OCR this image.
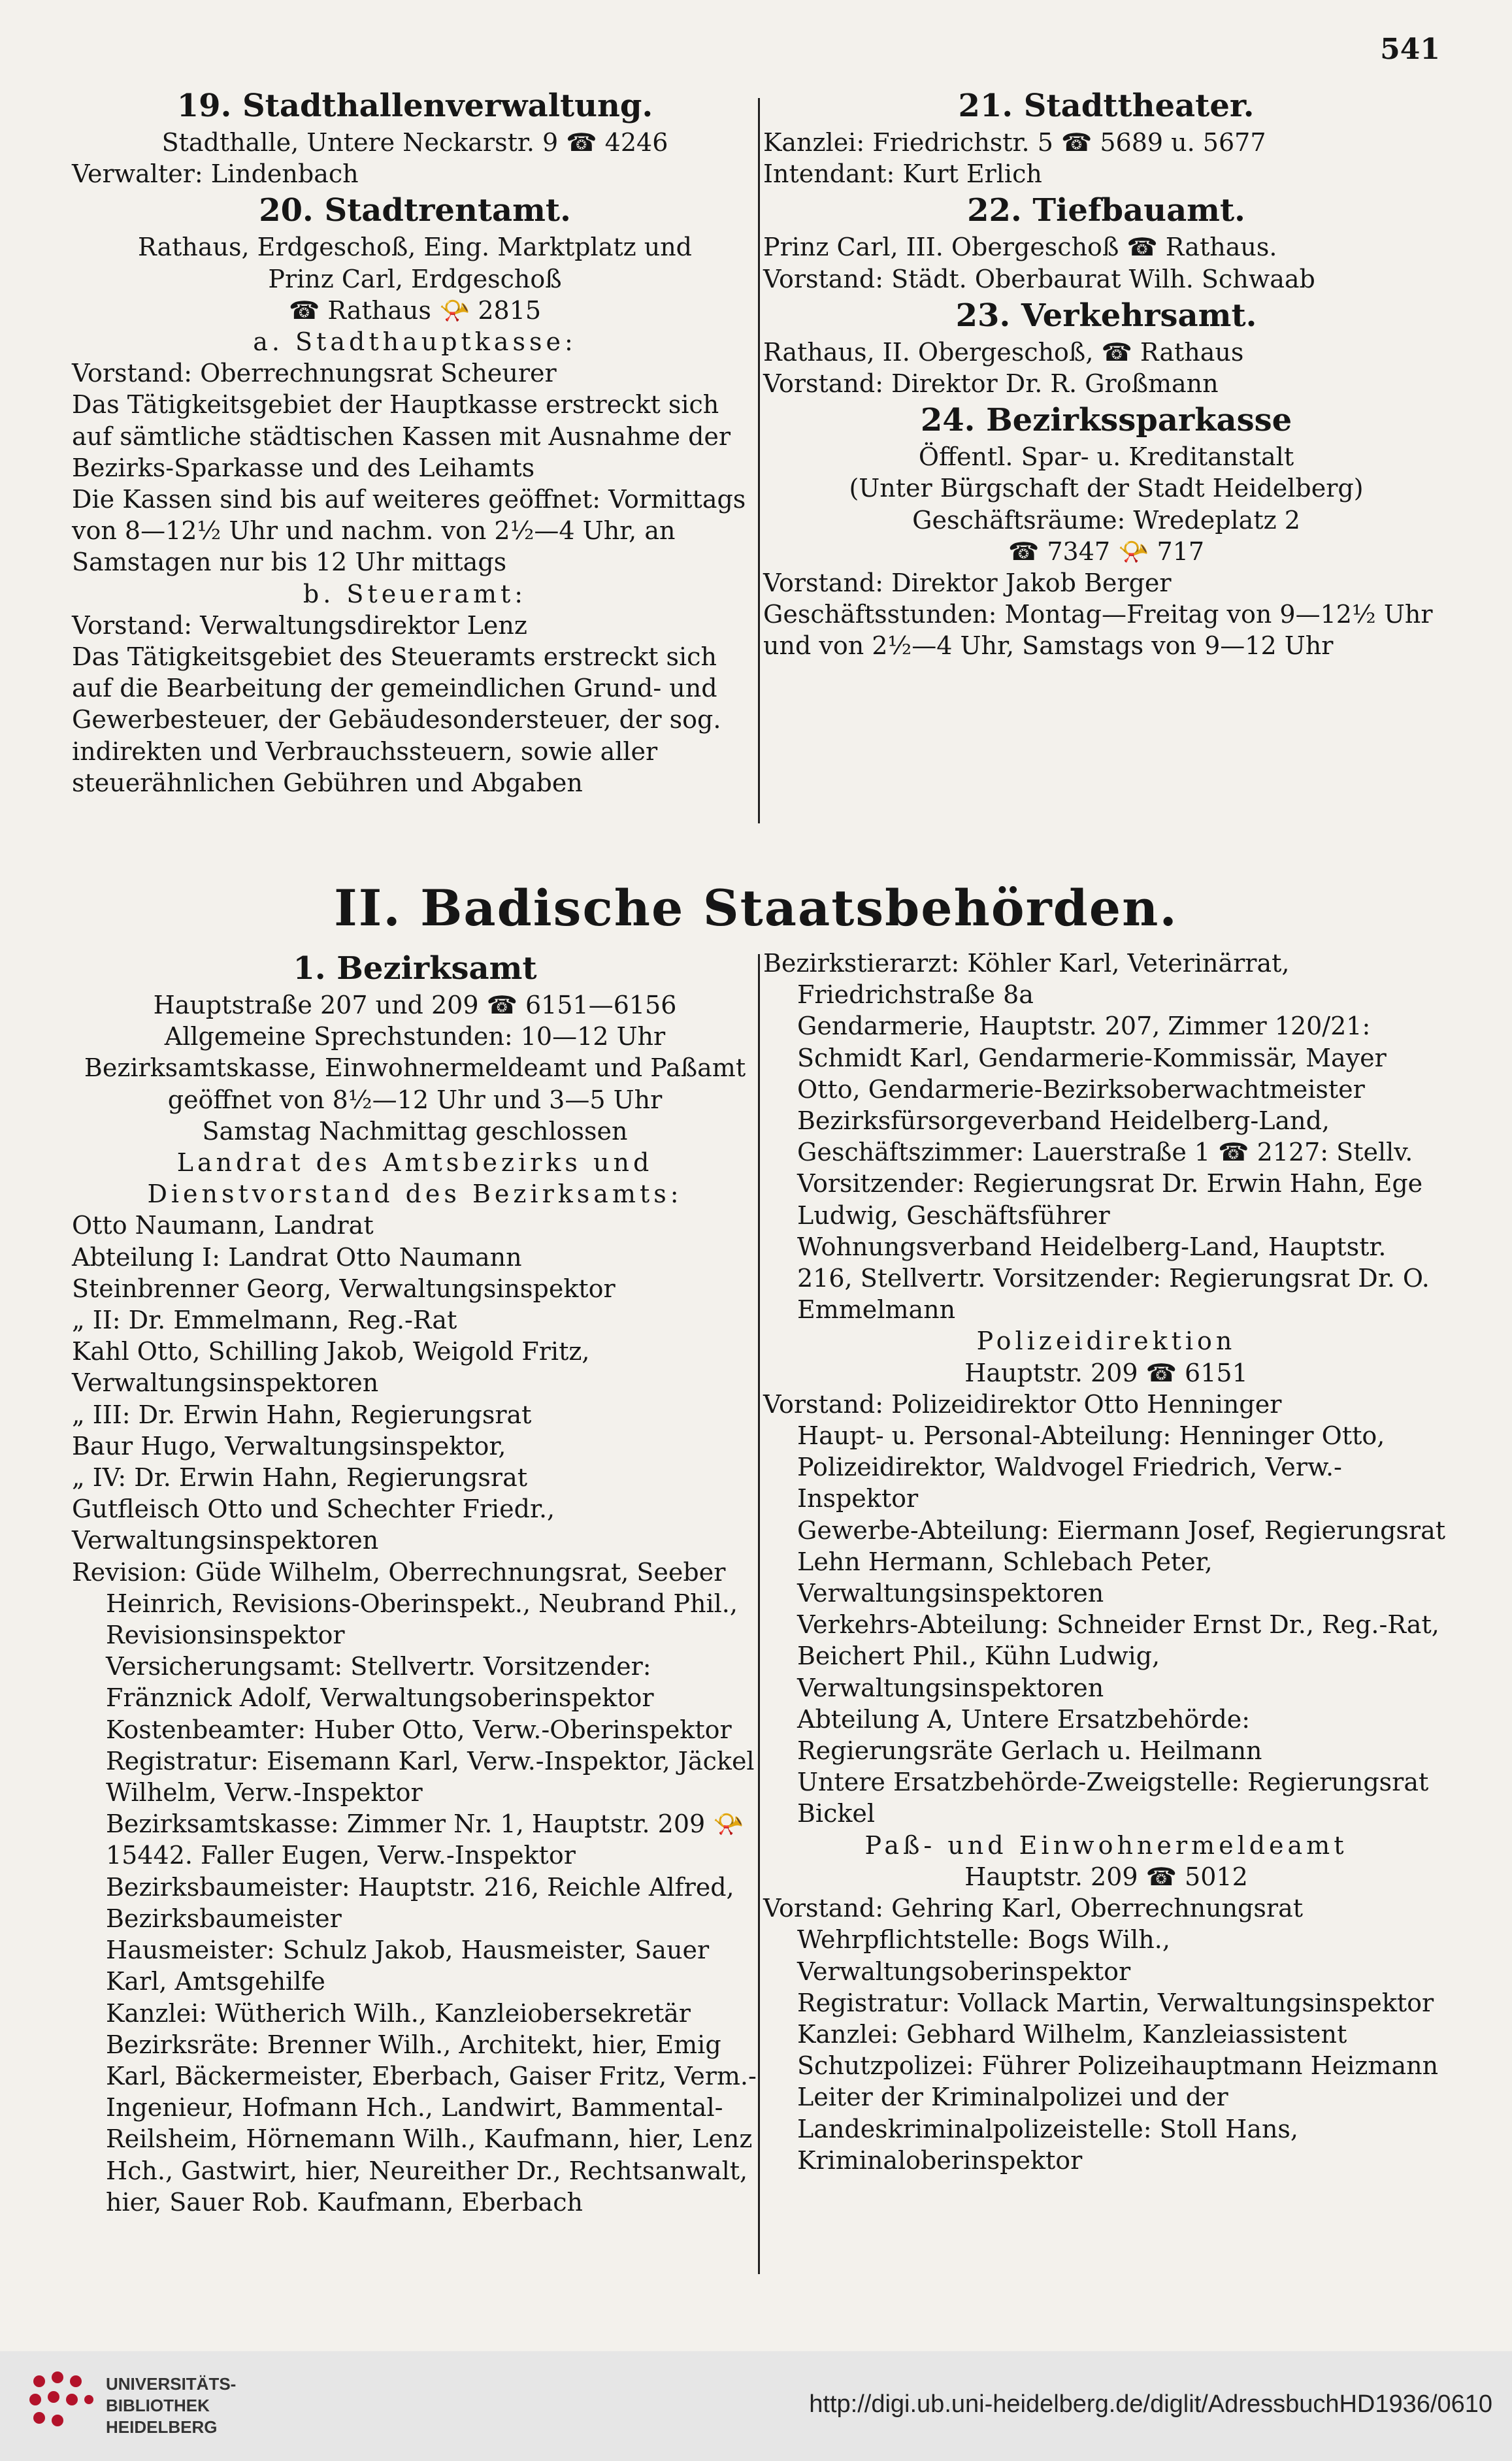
541

19. Stadthallenverwaltung.

Stadthalle, Untere Neckarstr. 9 ☎ 4246

Verwalter: Lindenbach

20. Stadtrentamt.

Rathaus, Erdgeschoß, Eing. Marktplatz und
Prinz Carl, Erdgeschoß
☎ Rathaus 📯 2815

a. Stadthauptkasse:

Vorstand: Oberrechnungsrat Scheurer
Das Tätigkeitsgebiet der Hauptkasse erstreckt sich auf sämtliche städtischen Kassen mit Ausnahme der Bezirks-Sparkasse und des Leihamts
Die Kassen sind bis auf weiteres geöffnet: Vormittags von 8—12½ Uhr und nachm. von 2½—4 Uhr, an Samstagen nur bis 12 Uhr mittags

b. Steueramt:

Vorstand: Verwaltungsdirektor Lenz
Das Tätigkeitsgebiet des Steueramts erstreckt sich auf die Bearbeitung der gemeindlichen Grund- und Gewerbesteuer, der Gebäudesondersteuer, der sog. indirekten und Verbrauchssteuern, sowie aller steuerähnlichen Gebühren und Abgaben

21. Stadttheater.

Kanzlei: Friedrichstr. 5 ☎ 5689 u. 5677
Intendant: Kurt Erlich

22. Tiefbauamt.

Prinz Carl, III. Obergeschoß ☎ Rathaus.
Vorstand: Städt. Oberbaurat Wilh. Schwaab

23. Verkehrsamt.

Rathaus, II. Obergeschoß, ☎ Rathaus
Vorstand: Direktor Dr. R. Großmann

24. Bezirkssparkasse

Öffentl. Spar- u. Kreditanstalt
(Unter Bürgschaft der Stadt Heidelberg)
Geschäftsräume: Wredeplatz 2
☎ 7347 📯 717

Vorstand: Direktor Jakob Berger
Geschäftsstunden: Montag—Freitag von 9—12½ Uhr und von 2½—4 Uhr, Samstags von 9—12 Uhr

II. Badische Staatsbehörden.

1. Bezirksamt

Hauptstraße 207 und 209 ☎ 6151—6156
Allgemeine Sprechstunden: 10—12 Uhr
Bezirksamtskasse, Einwohnermeldeamt und Paßamt geöffnet von 8½—12 Uhr und 3—5 Uhr
Samstag Nachmittag geschlossen

Landrat des Amtsbezirks und Dienstvorstand des Bezirksamts:

Otto Naumann, Landrat
Abteilung I: Landrat Otto Naumann
Steinbrenner Georg, Verwaltungsinspektor
„ II: Dr. Emmelmann, Reg.-Rat
Kahl Otto, Schilling Jakob, Weigold Fritz, Verwaltungsinspektoren
„ III: Dr. Erwin Hahn, Regierungsrat
Baur Hugo, Verwaltungsinspektor,
„ IV: Dr. Erwin Hahn, Regierungsrat
Gutfleisch Otto und Schechter Friedr., Verwaltungsinspektoren

Revision: Güde Wilhelm, Oberrechnungsrat, Seeber Heinrich, Revisions-Oberinspekt., Neubrand Phil., Revisionsinspektor
Versicherungsamt: Stellvertr. Vorsitzender: Fränznick Adolf, Verwaltungsoberinspektor
Kostenbeamter: Huber Otto, Verw.-Oberinspektor
Registratur: Eisemann Karl, Verw.-Inspektor, Jäckel Wilhelm, Verw.-Inspektor
Bezirksamtskasse: Zimmer Nr. 1, Hauptstr. 209 📯 15442. Faller Eugen, Verw.-Inspektor
Bezirksbaumeister: Hauptstr. 216, Reichle Alfred, Bezirksbaumeister
Hausmeister: Schulz Jakob, Hausmeister, Sauer Karl, Amtsgehilfe
Kanzlei: Wütherich Wilh., Kanzleiobersekretär
Bezirksräte: Brenner Wilh., Architekt, hier, Emig Karl, Bäckermeister, Eberbach, Gaiser Fritz, Verm.-Ingenieur, Hofmann Hch., Landwirt, Bammental-Reilsheim, Hörnemann Wilh., Kaufmann, hier, Lenz Hch., Gastwirt, hier, Neureither Dr., Rechtsanwalt, hier, Sauer Rob. Kaufmann, Eberbach

Bezirkstierarzt: Köhler Karl, Veterinärrat, Friedrichstraße 8a
Gendarmerie, Hauptstr. 207, Zimmer 120/21: Schmidt Karl, Gendarmerie-Kommissär, Mayer Otto, Gendarmerie-Bezirksoberwachtmeister
Bezirksfürsorgeverband Heidelberg-Land, Geschäftszimmer: Lauerstraße 1 ☎ 2127: Stellv. Vorsitzender: Regierungsrat Dr. Erwin Hahn, Ege Ludwig, Geschäftsführer
Wohnungsverband Heidelberg-Land, Hauptstr. 216, Stellvertr. Vorsitzender: Regierungsrat Dr. O. Emmelmann

Polizeidirektion

Hauptstr. 209 ☎ 6151

Vorstand: Polizeidirektor Otto Henninger
Haupt- u. Personal-Abteilung: Henninger Otto, Polizeidirektor, Waldvogel Friedrich, Verw.-Inspektor
Gewerbe-Abteilung: Eiermann Josef, Regierungsrat Lehn Hermann, Schlebach Peter, Verwaltungsinspektoren
Verkehrs-Abteilung: Schneider Ernst Dr., Reg.-Rat, Beichert Phil., Kühn Ludwig, Verwaltungsinspektoren
Abteilung A, Untere Ersatzbehörde: Regierungsräte Gerlach u. Heilmann
Untere Ersatzbehörde-Zweigstelle: Regierungsrat Bickel

Paß- und Einwohnermeldeamt

Hauptstr. 209 ☎ 5012

Vorstand: Gehring Karl, Oberrechnungsrat
Wehrpflichtstelle: Bogs Wilh., Verwaltungsoberinspektor
Registratur: Vollack Martin, Verwaltungsinspektor
Kanzlei: Gebhard Wilhelm, Kanzleiassistent
Schutzpolizei: Führer Polizeihauptmann Heizmann
Leiter der Kriminalpolizei und der Landeskriminalpolizeistelle: Stoll Hans, Kriminaloberinspektor

UNIVERSITÄTS-
BIBLIOTHEK
HEIDELBERG
http://digi.ub.uni-heidelberg.de/diglit/AdressbuchHD1936/0610
